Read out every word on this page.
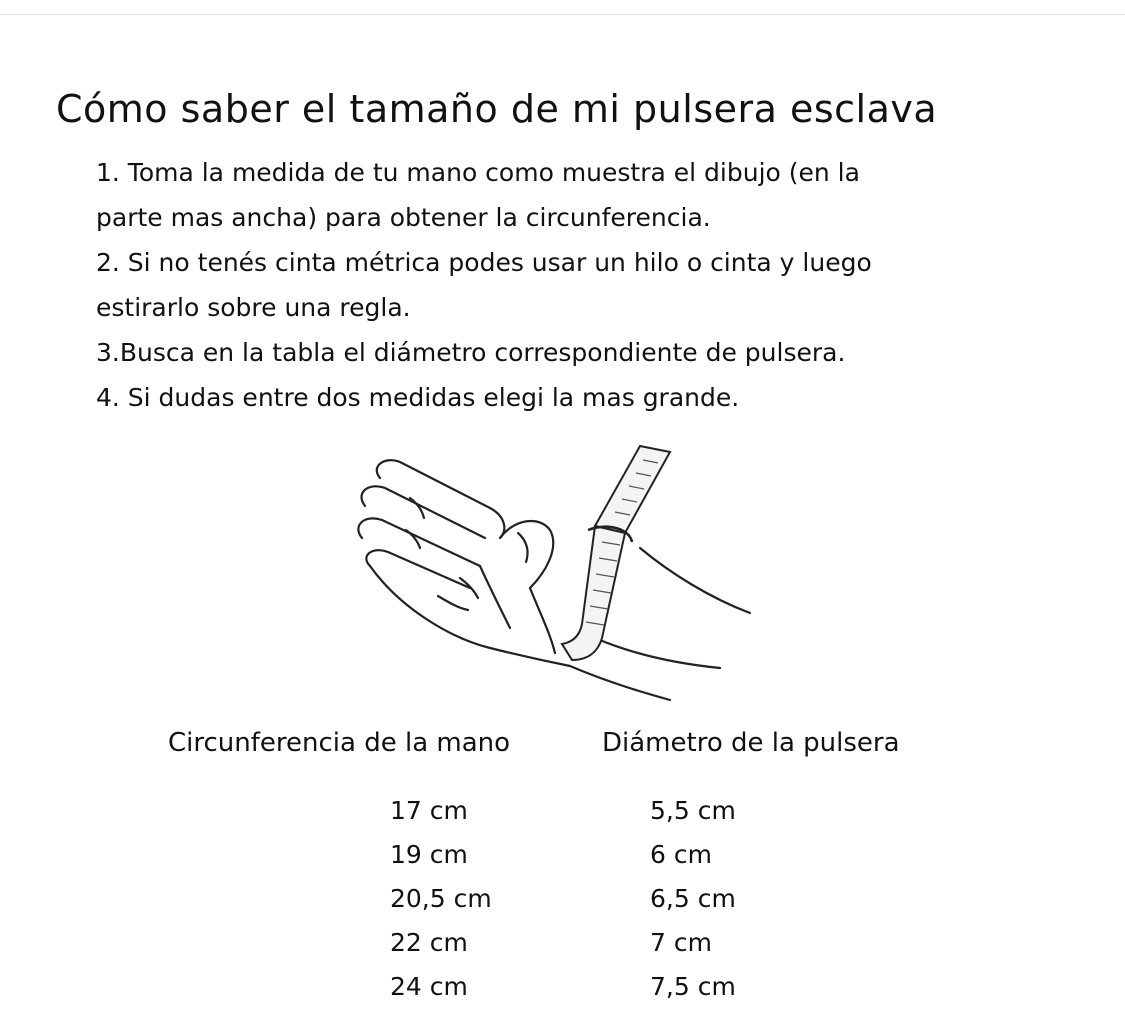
Cómo saber el tamaño de mi pulsera esclava
1. Toma la medida de tu mano como muestra el dibujo (en la
parte mas ancha) para obtener la circunferencia.
2. Si no tenés cinta métrica podes usar un hilo o cinta y luego
estirarlo sobre una regla.
3.Busca en la tabla el diámetro correspondiente de pulsera.
4. Si dudas entre dos medidas elegi la mas grande.
Circunferencia de la mano	Diámetro de la pulsera
17 cm	5,5 cm
19 cm	6 cm
20,5 cm	6,5 cm
22 cm	7 cm
24 cm	7,5 cm
